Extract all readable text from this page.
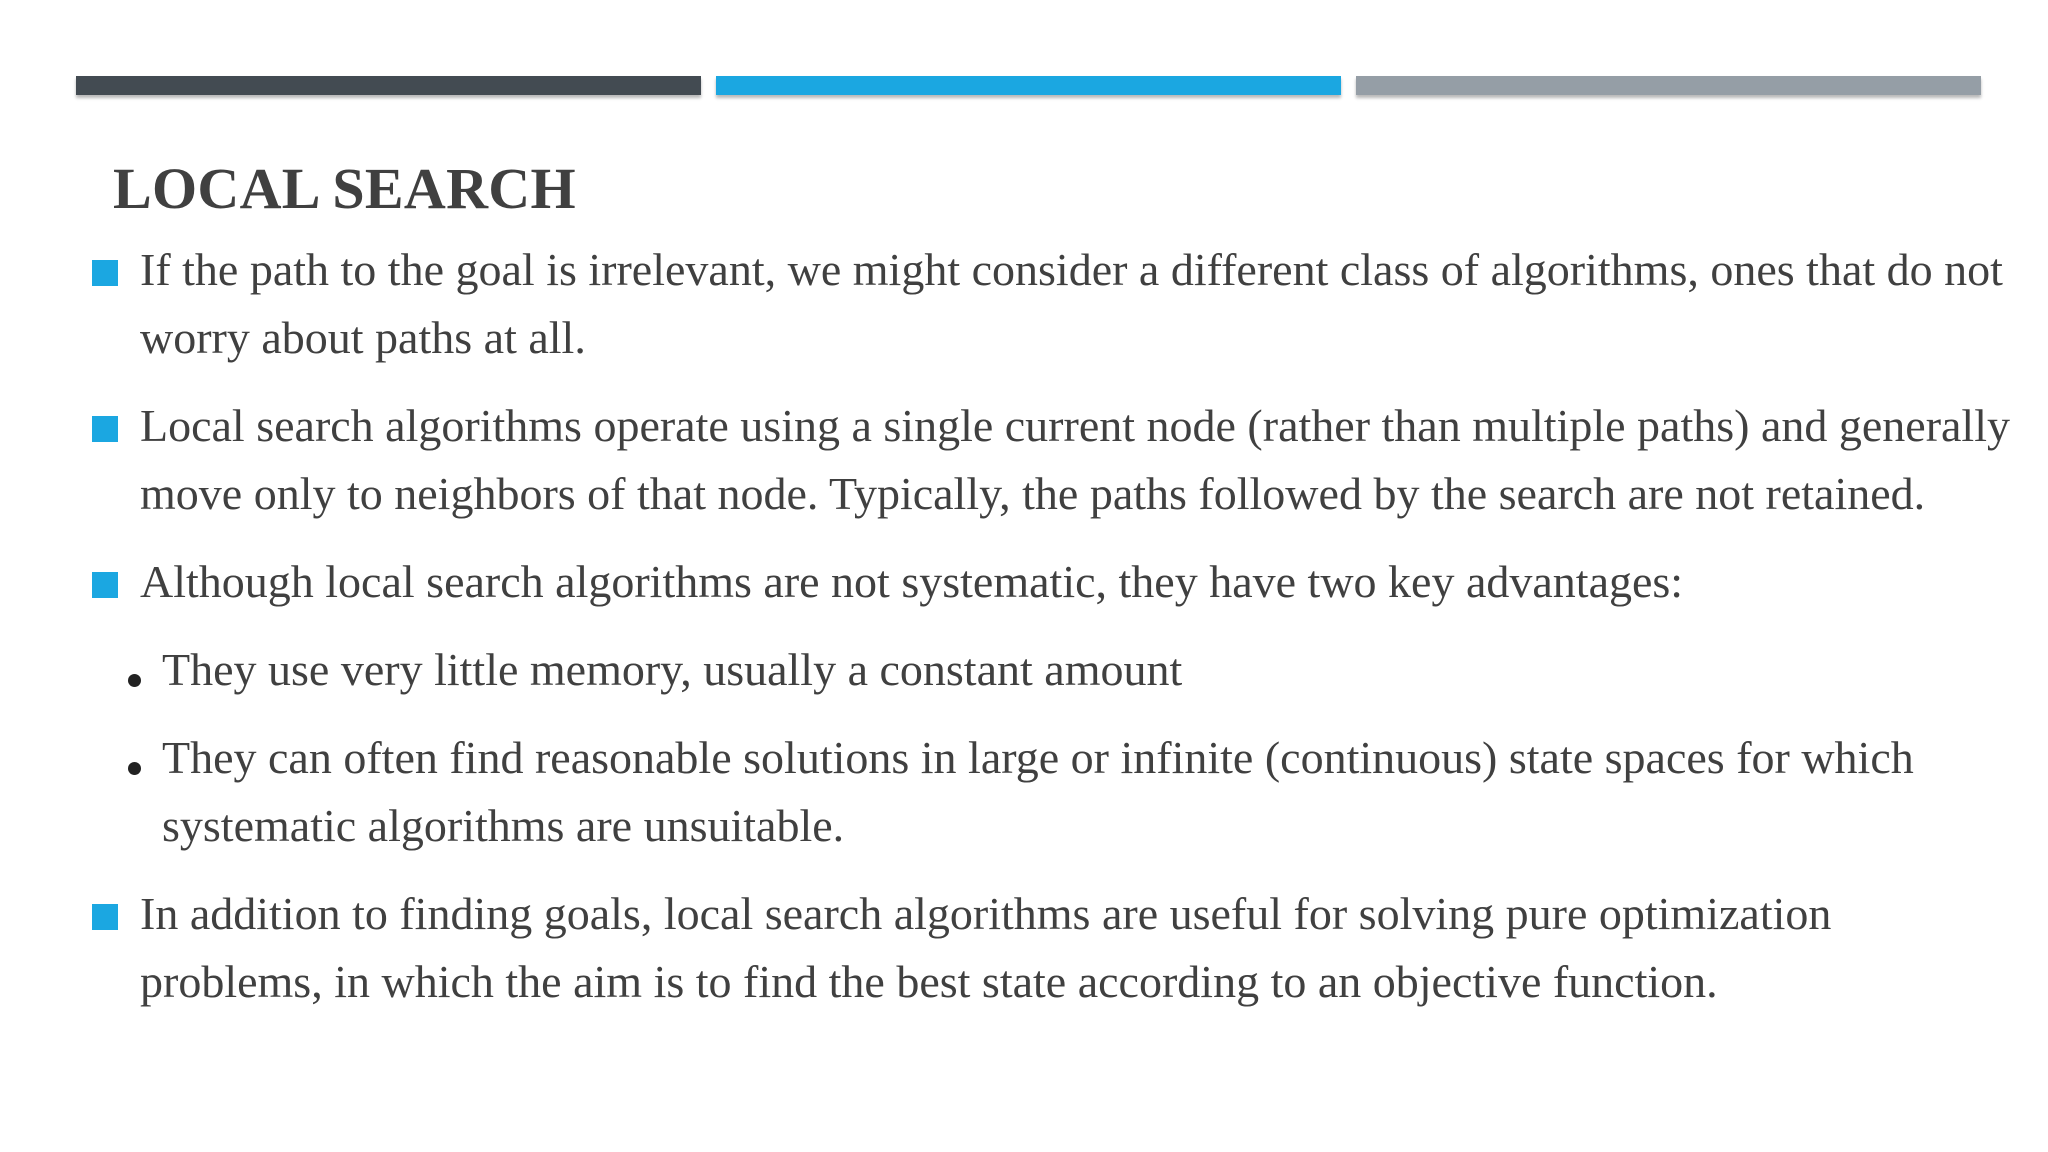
LOCAL SEARCH
If the path to the goal is irrelevant, we might consider a different class of algorithms, ones that do not worry about paths at all.
Local search algorithms operate using a single current node (rather than multiple paths) and generally move only to neighbors of that node. Typically, the paths followed by the search are not retained.
Although local search algorithms are not systematic, they have two key advantages:
They use very little memory, usually a constant amount
They can often find reasonable solutions in large or infinite (continuous) state spaces for which systematic algorithms are unsuitable.
In addition to finding goals, local search algorithms are useful for solving pure optimization problems, in which the aim is to find the best state according to an objective function.
